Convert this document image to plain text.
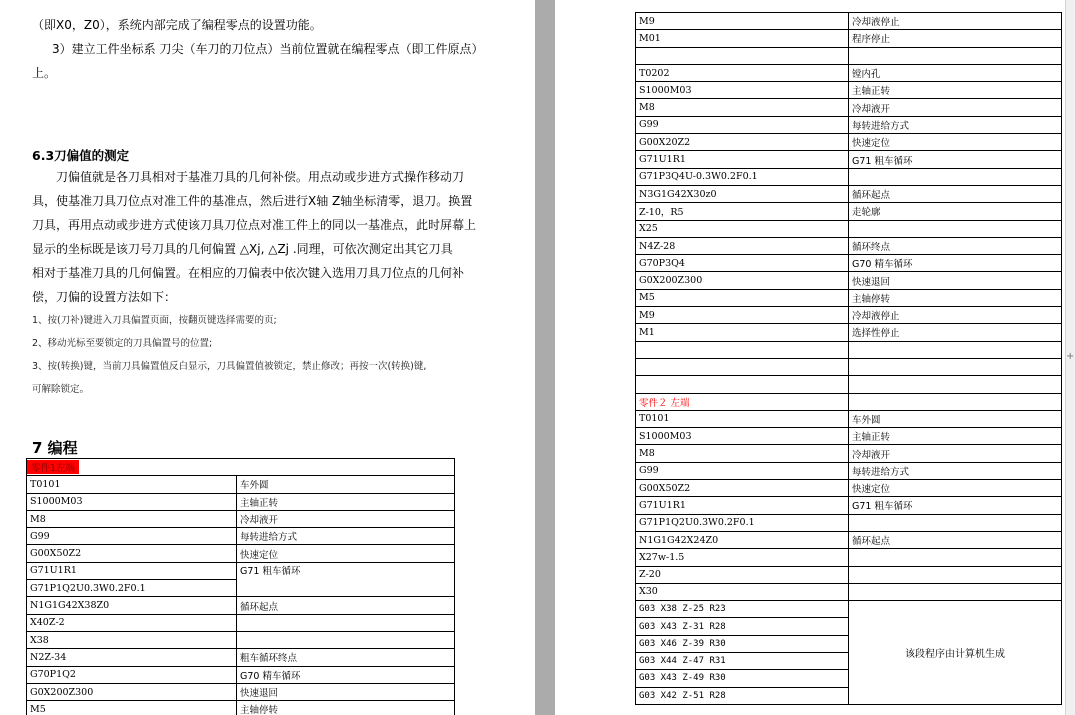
（即X0，Z0），系统内部完成了编程零点的设置功能。
3）建立工件坐标系 刀尖（车刀的刀位点）当前位置就在编程零点（即工件原点）
上。
6.3刀偏值的测定
刀偏值就是各刀具相对于基准刀具的几何补偿。用点动或步进方式操作移动刀
具，使基准刀具刀位点对准工件的基准点，然后进行X轴 Z轴坐标清零，退刀。换置
刀具，再用点动或步进方式使该刀具刀位点对准工件上的同以一基准点，此时屏幕上
显示的坐标既是该刀号刀具的几何偏置 △Xj, △Zj .同理，可依次测定出其它刀具
相对于基准刀具的几何偏置。在相应的刀偏表中依次键入选用刀具刀位点的几何补
偿，刀偏的设置方法如下：
1、按(刀补)键进入刀具偏置页面，按翻页键选择需要的页;
2、移动光标至要锁定的刀具偏置号的位置;
3、按(转换)键，当前刀具偏置值反白显示，刀具偏置值被锁定，禁止修改；再按一次(转换)键,
可解除锁定。
7 编程
零件1左端	
T0101	车外圆
S1000M03	主轴正转
M8	冷却液开
G99	每转进给方式
G00X50Z2	快速定位
G71U1R1	G71 粗车循环
G71P1Q2U0.3W0.2F0.1	
N1G1G42X38Z0	循环起点
X40Z-2	
X38	
N2Z-34	粗车循环终点
G70P1Q2	G70 精车循环
G0X200Z300	快速退回
M5	主轴停转
M9	冷却液停止
M01	程序停止

T0202	镗内孔
S1000M03	主轴正转
M8	冷却液开
G99	每转进给方式
G00X20Z2	快速定位
G71U1R1	G71 粗车循环
G71P3Q4U-0.3W0.2F0.1	
N3G1G42X30z0	循环起点
Z-10，R5	走轮廓
X25	
N4Z-28	循环终点
G70P3Q4	G70 精车循环
G0X200Z300	快速退回
M5	主轴停转
M9	冷却液停止
M1	选择性停止

零件２ 左端	
T0101	车外圆
S1000M03	主轴正转
M8	冷却液开
G99	每转进给方式
G00X50Z2	快速定位
G71U1R1	G71 粗车循环
G71P1Q2U0.3W0.2F0.1	
N1G1G42X24Z0	循环起点
X27w-1.5	
Z-20	
X30	
G03 X38 Z-25 R23	该段程序由计算机生成
G03 X43 Z-31 R28	
G03 X46 Z-39 R30	
G03 X44 Z-47 R31	
G03 X43 Z-49 R30	
G03 X42 Z-51 R28	
+
